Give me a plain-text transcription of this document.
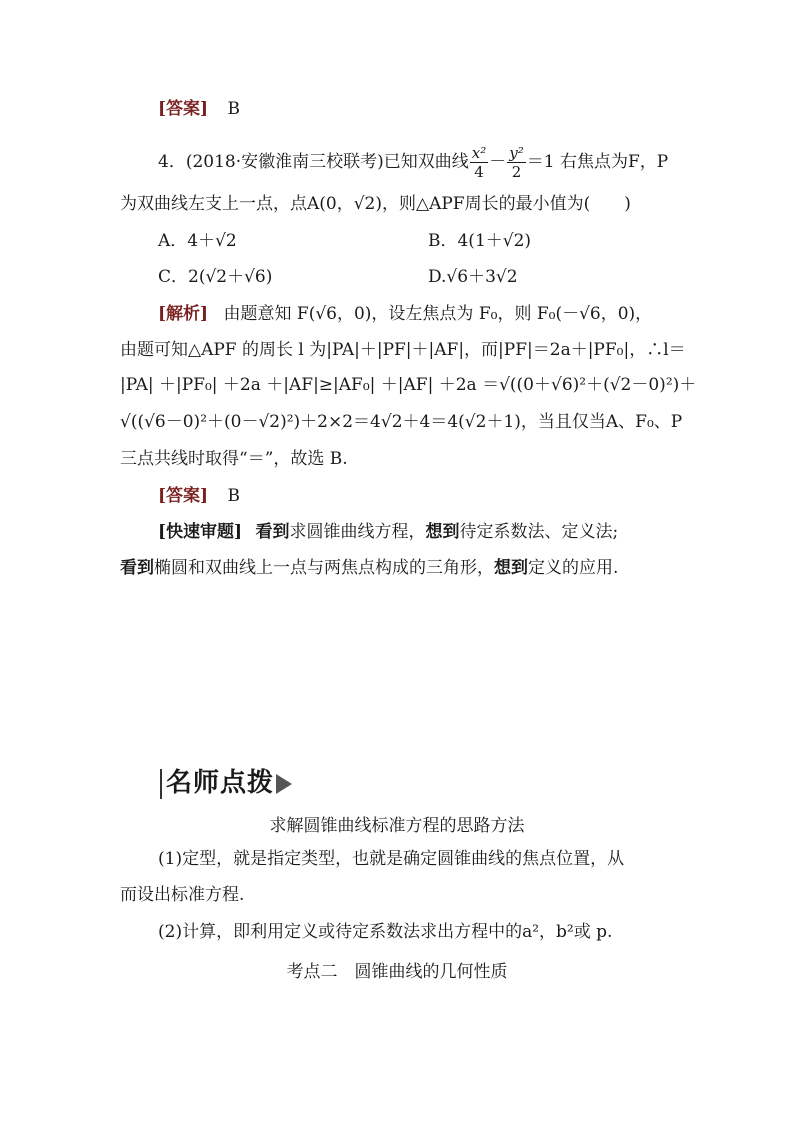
[答案] B
4．(2018·安徽淮南三校联考)已知双曲线 $\frac{\text{x²}}{4} - \frac{\text{y²}}{2} =1$ 右焦点为F，P
为双曲线左支上一点，点A(0，√2)，则△APF周长的最小值为(　　)
A．4＋√2	B．4(1＋√2)
C．2(√2＋√6)	D.√6＋3√2
[解析] 由题意知 F(√6，0)，设左焦点为 F₀，则 F₀(－√6，0)，
由题可知△APF 的周长 l 为|PA|＋|PF|＋|AF|，而|PF|＝2a＋|PF₀|，∴l＝
|PA| ＋|PF₀| ＋2a ＋|AF|≥|AF₀| ＋|AF| ＋2a ＝√((0＋√6)²＋(√2－0)²)＋
√((√6－0)²＋(0－√2)²)＋2×2＝4√2＋4＝4(√2＋1)，当且仅当A、F₀、P
三点共线时取得“＝”，故选 B.
[答案] B
[快速审题] 看到求圆锥曲线方程，想到待定系数法、定义法;
看到椭圆和双曲线上一点与两焦点构成的三角形，想到定义的应用.
名师点拨
求解圆锥曲线标准方程的思路方法
(1)定型，就是指定类型，也就是确定圆锥曲线的焦点位置，从
而设出标准方程.
(2)计算，即利用定义或待定系数法求出方程中的a²，b²或 p.
考点二　圆锥曲线的几何性质
